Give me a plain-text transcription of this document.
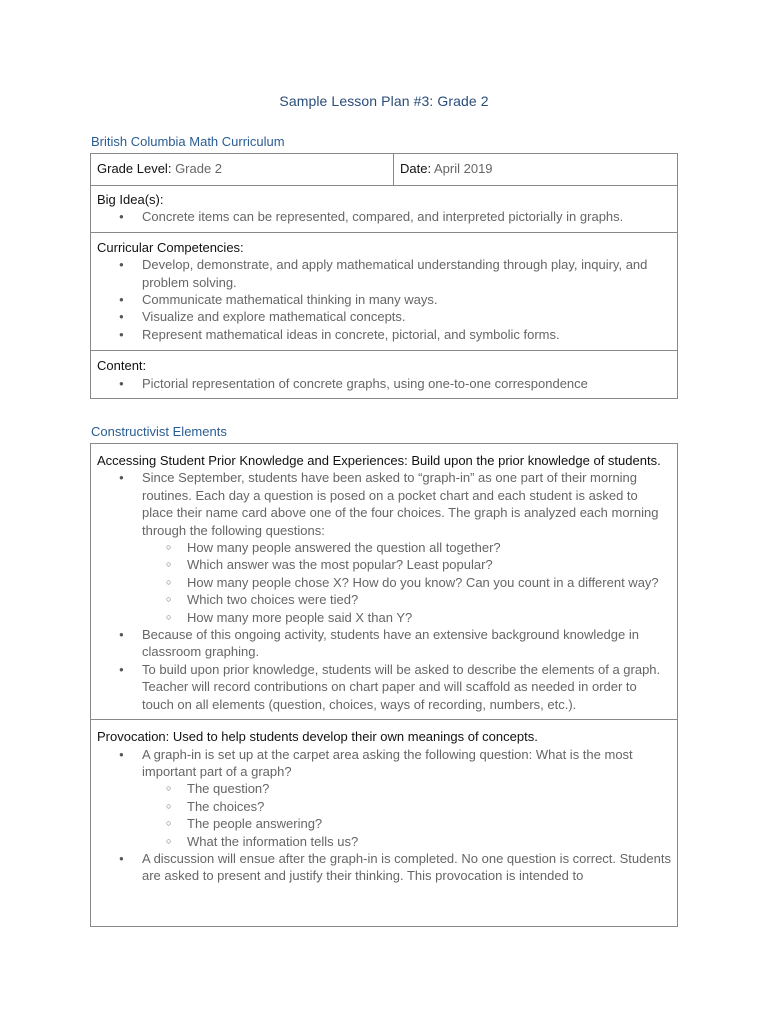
Sample Lesson Plan #3: Grade 2
British Columbia Math Curriculum
Grade Level: Grade 2	Date: April 2019
Big Idea(s):
● Concrete items can be represented, compared, and interpreted pictorially in graphs.
Curricular Competencies:
● Develop, demonstrate, and apply mathematical understanding through play, inquiry, and problem solving.
● Communicate mathematical thinking in many ways.
● Visualize and explore mathematical concepts.
● Represent mathematical ideas in concrete, pictorial, and symbolic forms.
Content:
● Pictorial representation of concrete graphs, using one-to-one correspondence
Constructivist Elements
Accessing Student Prior Knowledge and Experiences: Build upon the prior knowledge of students.
● Since September, students have been asked to “graph-in” as one part of their morning routines. Each day a question is posed on a pocket chart and each student is asked to place their name card above one of the four choices. The graph is analyzed each morning through the following questions:
○ How many people answered the question all together?
○ Which answer was the most popular? Least popular?
○ How many people chose X? How do you know? Can you count in a different way?
○ Which two choices were tied?
○ How many more people said X than Y?
● Because of this ongoing activity, students have an extensive background knowledge in classroom graphing.
● To build upon prior knowledge, students will be asked to describe the elements of a graph. Teacher will record contributions on chart paper and will scaffold as needed in order to touch on all elements (question, choices, ways of recording, numbers, etc.).
Provocation: Used to help students develop their own meanings of concepts.
● A graph-in is set up at the carpet area asking the following question: What is the most important part of a graph?
○ The question?
○ The choices?
○ The people answering?
○ What the information tells us?
● A discussion will ensue after the graph-in is completed. No one question is correct. Students are asked to present and justify their thinking. This provocation is intended to
